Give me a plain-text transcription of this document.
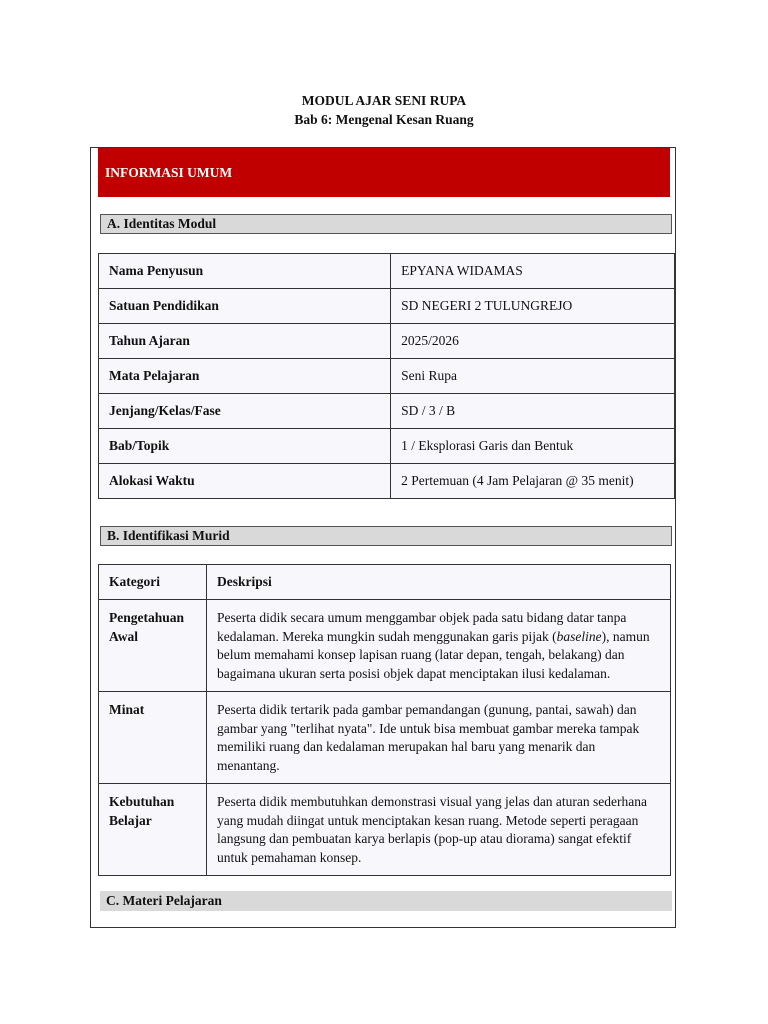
MODUL AJAR SENI RUPA
Bab 6: Mengenal Kesan Ruang
INFORMASI UMUM
A. Identitas Modul
Nama Penyusun	EPYANA WIDAMAS
Satuan Pendidikan	SD NEGERI 2 TULUNGREJO
Tahun Ajaran	2025/2026
Mata Pelajaran	Seni Rupa
Jenjang/Kelas/Fase	SD / 3 / B
Bab/Topik	1 / Eksplorasi Garis dan Bentuk
Alokasi Waktu	2 Pertemuan (4 Jam Pelajaran @ 35 menit)
B. Identifikasi Murid
Kategori	Deskripsi
Pengetahuan Awal	Peserta didik secara umum menggambar objek pada satu bidang datar tanpa kedalaman. Mereka mungkin sudah menggunakan garis pijak (baseline), namun belum memahami konsep lapisan ruang (latar depan, tengah, belakang) dan bagaimana ukuran serta posisi objek dapat menciptakan ilusi kedalaman.
Minat	Peserta didik tertarik pada gambar pemandangan (gunung, pantai, sawah) dan gambar yang "terlihat nyata". Ide untuk bisa membuat gambar mereka tampak memiliki ruang dan kedalaman merupakan hal baru yang menarik dan menantang.
Kebutuhan Belajar	Peserta didik membutuhkan demonstrasi visual yang jelas dan aturan sederhana yang mudah diingat untuk menciptakan kesan ruang. Metode seperti peragaan langsung dan pembuatan karya berlapis (pop-up atau diorama) sangat efektif untuk pemahaman konsep.
C. Materi Pelajaran
